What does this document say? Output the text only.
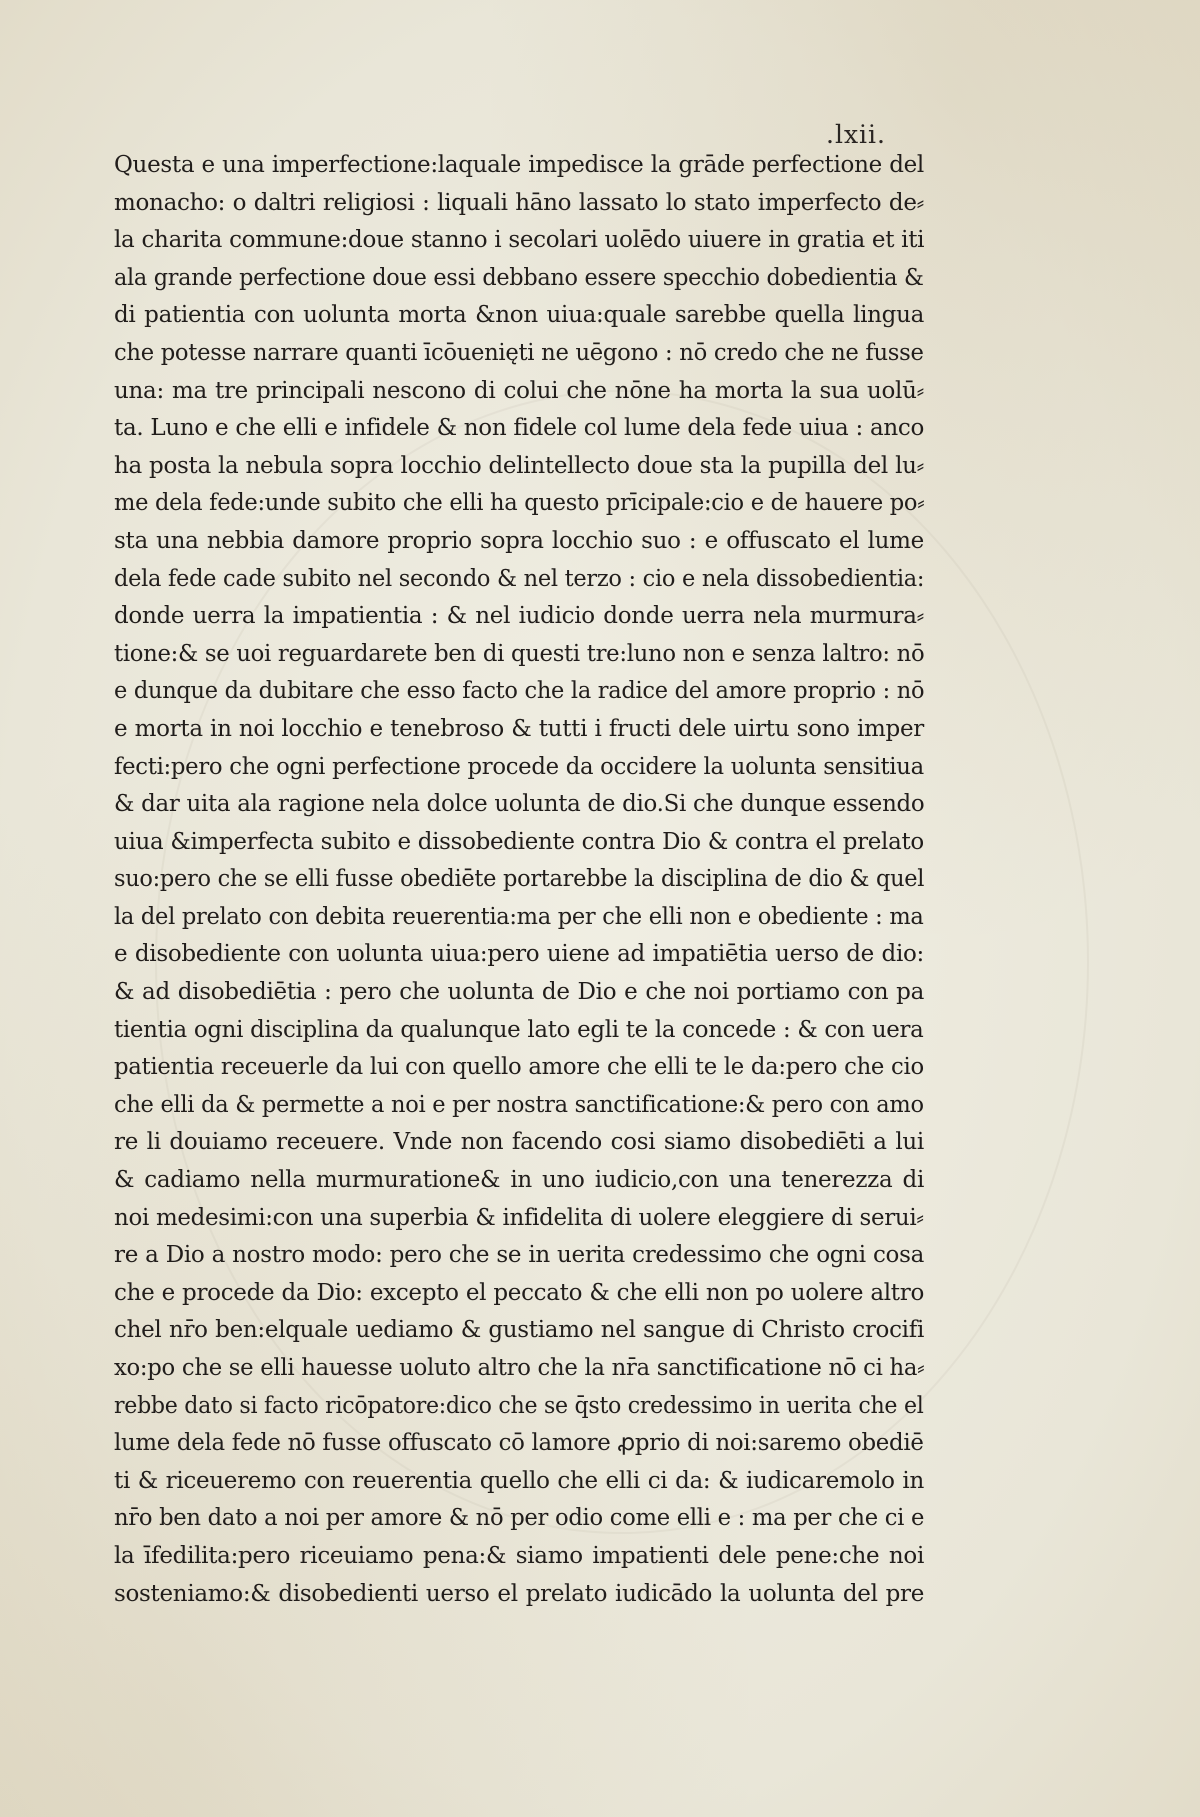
.lxii.
Questa e una imperfectione:laquale impedisce la grāde perfectione del
monacho: o daltri religiosi : liquali hāno lassato lo stato imperfecto de⸗
la charita commune:doue stanno i secolari uolēdo uiuere in gratia et iti
ala grande perfectione doue essi debbano essere specchio dobedientia &
di patientia con uolunta morta &non uiua:quale sarebbe quella lingua
che potesse narrare quanti īcōuenięti ne uēgono : nō credo che ne fusse
una: ma tre principali nescono di colui che nōne ha morta la sua uolū⸗
ta. Luno e che elli e infidele & non fidele col lume dela fede uiua : anco
ha posta la nebula sopra locchio delintellecto doue sta la pupilla del lu⸗
me dela fede:unde subito che elli ha questo prīcipale:cio e de hauere po⸗
sta una nebbia damore proprio sopra locchio suo : e offuscato el lume
dela fede cade subito nel secondo & nel terzo : cio e nela dissobedientia:
donde uerra la impatientia : & nel iudicio donde uerra nela murmura⸗
tione:& se uoi reguardarete ben di questi tre:luno non e senza laltro: nō
e dunque da dubitare che esso facto che la radice del amore proprio : nō
e morta in noi locchio e tenebroso & tutti i fructi dele uirtu sono imper
fecti:pero che ogni perfectione procede da occidere la uolunta sensitiua
& dar uita ala ragione nela dolce uolunta de dio.Si che dunque essendo
uiua &imperfecta subito e dissobediente contra Dio & contra el prelato
suo:pero che se elli fusse obediēte portarebbe la disciplina de dio & quel
la del prelato con debita reuerentia:ma per che elli non e obediente : ma
e disobediente con uolunta uiua:pero uiene ad impatiētia uerso de dio:
& ad disobediētia : pero che uolunta de Dio e che noi portiamo con pa
tientia ogni disciplina da qualunque lato egli te la concede : & con uera
patientia receuerle da lui con quello amore che elli te le da:pero che cio
che elli da & permette a noi e per nostra sanctificatione:& pero con amo
re li douiamo receuere. Vnde non facendo cosi siamo disobediēti a lui
& cadiamo nella murmuratione& in uno iudicio,con una tenerezza di
noi medesimi:con una superbia & infidelita di uolere eleggiere di serui⸗
re a Dio a nostro modo: pero che se in uerita credessimo che ogni cosa
che e procede da Dio: excepto el peccato & che elli non po uolere altro
chel nr̄o ben:elquale uediamo & gustiamo nel sangue di Christo crocifi
xo:po che se elli hauesse uoluto altro che la nr̄a sanctificatione nō ci ha⸗
rebbe dato si facto ricōpatore:dico che se q̄sto credessimo in uerita che el
lume dela fede nō fusse offuscato cō lamore ꝓprio di noi:saremo obediē
ti & riceueremo con reuerentia quello che elli ci da: & iudicaremolo in
nr̄o ben dato a noi per amore & nō per odio come elli e : ma per che ci e
la īfedilita:pero riceuiamo pena:& siamo impatienti dele pene:che noi
sosteniamo:& disobedienti uerso el prelato iudicādo la uolunta del pre
